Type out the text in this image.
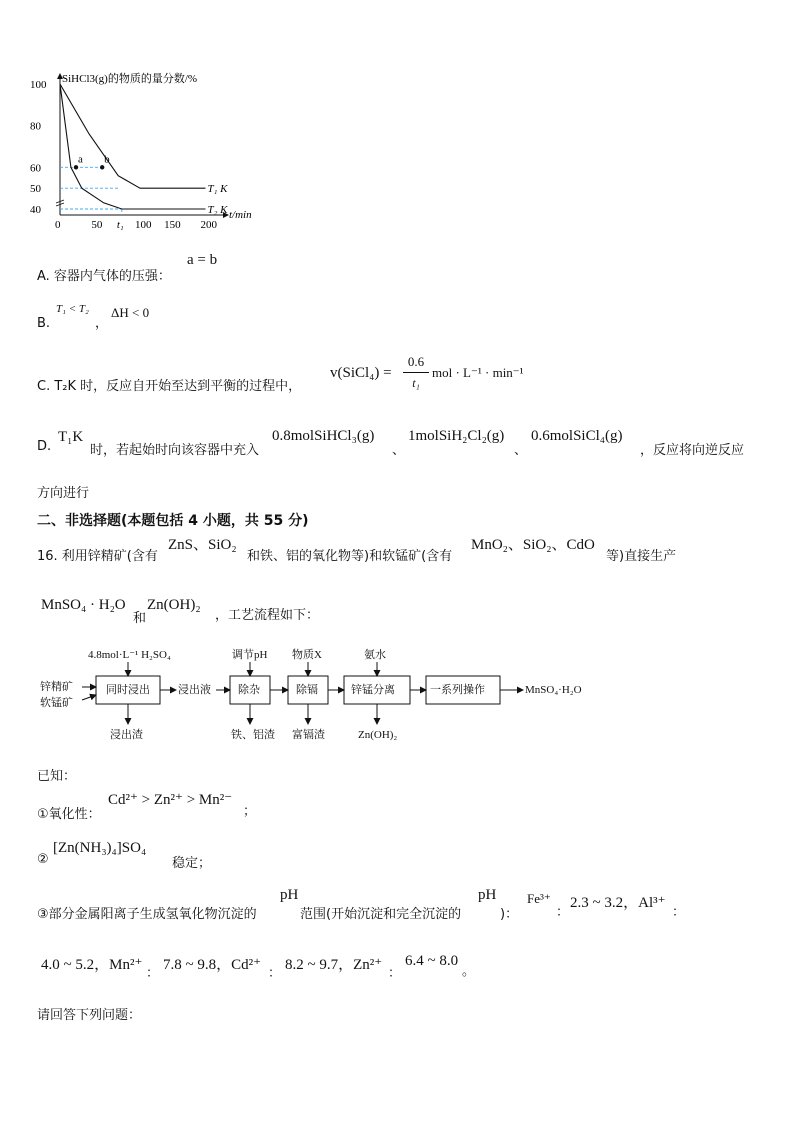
SiHCl3(g)的物质的量分数/%
t/min
100
80
60
50
40
0	50 t₁ 100 150 200
T₁ K
T₂ K
a b
A. 容器内气体的压强：
a = b
B.
T₁ < T₂
，
ΔH < 0
C. T₂K 时，反应自开始至达到平衡的过程中，
v(SiCl₄) =
0.6
t₁
mol · L⁻¹ · min⁻¹
D.
T₁K
时，若起始时向该容器中充入
0.8molSiHCl₃(g)
、
1molSiH₂Cl₂(g)
、
0.6molSiCl₄(g)
，反应将向逆反应
方向进行
二、非选择题(本题包括 4 小题，共 55 分)
16. 利用锌精矿(含有
ZnS、SiO₂
和铁、铝的氧化物等)和软锰矿(含有
MnO₂、SiO₂、CdO
等)直接生产
MnSO₄ · H₂O
和
Zn(OH)₂
，工艺流程如下：
锌精矿
软锰矿
4.8mol·L⁻¹ H₂SO₄
同时浸出	浸出液
调节pH
除杂
物质X
除镉
氨水
锌锰分离	一系列操作	MnSO₄·H₂O
浸出渣	铁、铝渣 富镉渣	Zn(OH)₂
已知：
①氧化性：
Cd²⁺ > Zn²⁺ > Mn²⁻
；
②
[Zn(NH₃)₄]SO₄
稳定；
③部分金属阳离子生成氢氧化物沉淀的
pH
范围(开始沉淀和完全沉淀的
pH
)：
Fe³⁺
：
2.3 ~ 3.2，Al³⁺
：
4.0 ~ 5.2，Mn²⁺
：
7.8 ~ 9.8，Cd²⁺
：
8.2 ~ 9.7，Zn²⁺
：
6.4 ~ 8.0
。
请回答下列问题：
